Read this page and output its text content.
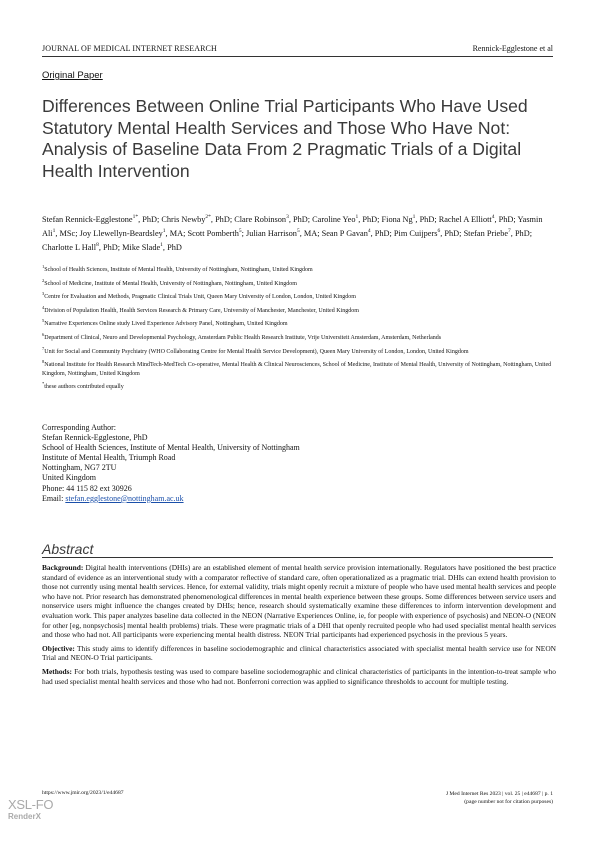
JOURNAL OF MEDICAL INTERNET RESEARCH	Rennick-Egglestone et al
Original Paper
Differences Between Online Trial Participants Who Have Used Statutory Mental Health Services and Those Who Have Not: Analysis of Baseline Data From 2 Pragmatic Trials of a Digital Health Intervention
Stefan Rennick-Egglestone$^{1*}$, PhD; Chris Newby$^{2*}$, PhD; Clare Robinson$^3$, PhD; Caroline Yeo$^1$, PhD; Fiona Ng$^1$, PhD; Rachel A Elliott$^4$, PhD; Yasmin Ali$^1$, MSc; Joy Llewellyn-Beardsley$^1$, MA; Scott Pomberth$^5$; Julian Harrison$^5$, MA; Sean P Gavan$^4$, PhD; Pim Cuijpers$^6$, PhD; Stefan Priebe$^7$, PhD; Charlotte L Hall$^8$, PhD; Mike Slade$^1$, PhD
$^1$School of Health Sciences, Institute of Mental Health, University of Nottingham, Nottingham, United Kingdom
$^2$School of Medicine, Institute of Mental Health, University of Nottingham, Nottingham, United Kingdom
$^3$Centre for Evaluation and Methods, Pragmatic Clinical Trials Unit, Queen Mary University of London, London, United Kingdom
$^4$Division of Population Health, Health Services Research & Primary Care, University of Manchester, Manchester, United Kingdom
$^5$Narrative Experiences Online study Lived Experience Advisory Panel, Nottingham, United Kingdom
$^6$Department of Clinical, Neuro and Developmental Psychology, Amsterdam Public Health Research Institute, Vrije Universiteit Amsterdam, Amsterdam, Netherlands
$^7$Unit for Social and Community Psychiatry (WHO Collaborating Centre for Mental Health Service Development), Queen Mary University of London, London, United Kingdom
$^8$National Institute for Health Research MindTech-MedTech Co-operative, Mental Health & Clinical Neurosciences, School of Medicine, Institute of Mental Health, University of Nottingham, Nottingham, United Kingdom, Nottingham, United Kingdom
*these authors contributed equally
Corresponding Author:
Stefan Rennick-Egglestone, PhD
School of Health Sciences, Institute of Mental Health, University of Nottingham
Institute of Mental Health, Triumph Road
Nottingham, NG7 2TU
United Kingdom
Phone: 44 115 82 ext 30926
Email: stefan.egglestone@nottingham.ac.uk
Abstract

Background: Digital health interventions (DHIs) are an established element of mental health service provision internationally. Regulators have positioned the best practice standard of evidence as an interventional study with a comparator reflective of standard care, often operationalized as a pragmatic trial. DHIs can extend health provision to those not currently using mental health services. Hence, for external validity, trials might openly recruit a mixture of people who have used mental health services and people who have not. Prior research has demonstrated phenomenological differences in mental health experience between these groups. Some differences between service users and nonservice users might influence the changes created by DHIs; hence, research should systematically examine these differences to inform intervention development and evaluation work. This paper analyzes baseline data collected in the NEON (Narrative Experiences Online, ie, for people with experience of psychosis) and NEON-O (NEON for other [eg, nonpsychosis] mental health problems) trials. These were pragmatic trials of a DHI that openly recruited people who had used specialist mental health services and those who had not. All participants were experiencing mental health distress. NEON Trial participants had experienced psychosis in the previous 5 years.

Objective: This study aims to identify differences in baseline sociodemographic and clinical characteristics associated with specialist mental health service use for NEON Trial and NEON-O Trial participants.

Methods: For both trials, hypothesis testing was used to compare baseline sociodemographic and clinical characteristics of participants in the intention-to-treat sample who had used specialist mental health services and those who had not. Bonferroni correction was applied to significance thresholds to account for multiple testing.

https://www.jmir.org/2023/1/e44687	J Med Internet Res 2023 | vol. 25 | e44687 | p. 1
(page number not for citation purposes)
XSL-FO
RenderX
